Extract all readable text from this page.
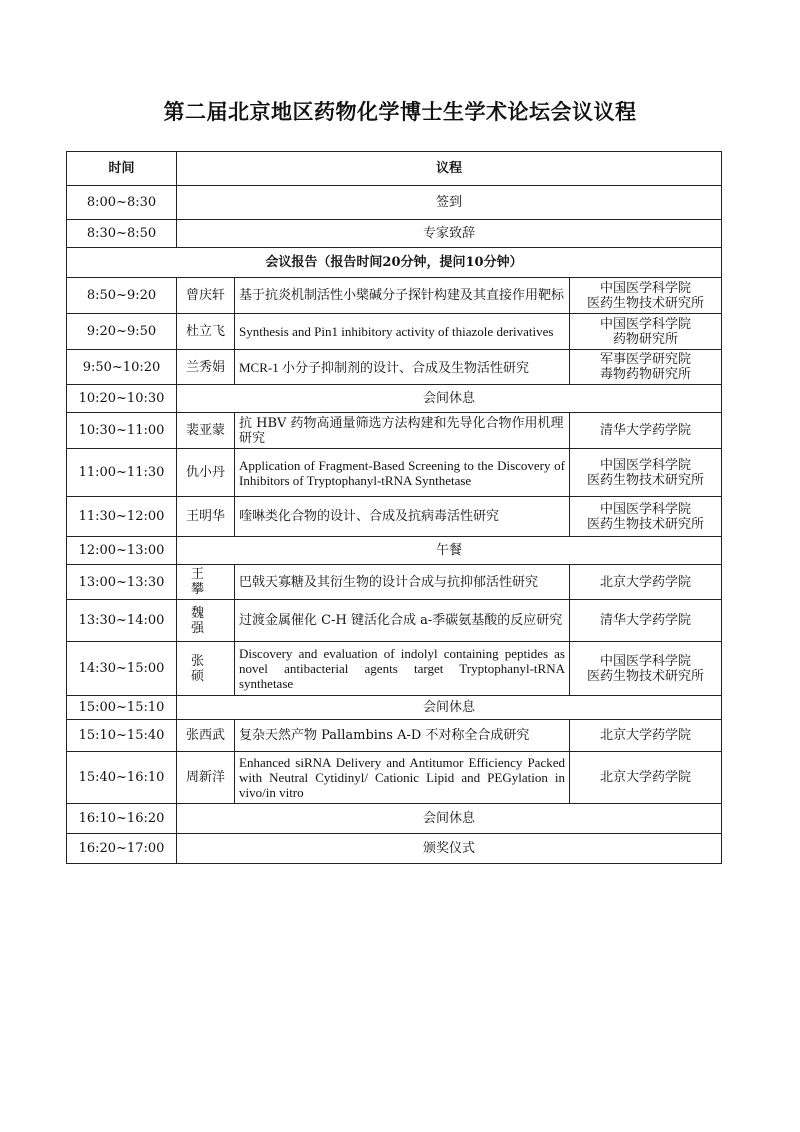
第二届北京地区药物化学博士生学术论坛会议议程
时间	议程		
8:00~8:30	签到		
8:30~8:50	专家致辞		
会议报告（报告时间20分钟，提问10分钟）			
8:50~9:20	曾庆轩	基于抗炎机制活性小檗碱分子探针构建及其直接作用靶标	中国医学科学院
医药生物技术研究所

9:20~9:50	杜立飞	Synthesis and Pin1 inhibitory activity of thiazole derivatives	中国医学科学院
药物研究所

9:50~10:20	兰秀娟	MCR-1 小分子抑制剂的设计、合成及生物活性研究	军事医学研究院
毒物药物研究所

10:20~10:30	会间休息		
10:30~11:00	裴亚蒙	抗 HBV 药物高通量筛选方法构建和先导化合物作用机理研究	清华大学药学院

11:00~11:30	仇小丹	Application of Fragment-Based Screening to the Discovery of Inhibitors of Tryptophanyl-tRNA Synthetase	中国医学科学院
医药生物技术研究所

11:30~12:00	王明华	喹啉类化合物的设计、合成及抗病毒活性研究	中国医学科学院
医药生物技术研究所

12:00~13:00	午餐		
13:00~13:30	王 攀	巴戟天寡糖及其衍生物的设计合成与抗抑郁活性研究	北京大学药学院

13:30~14:00	魏 强	过渡金属催化 C-H 键活化合成 a-季碳氨基酸的反应研究	清华大学药学院

14:30~15:00	张 硕	Discovery and evaluation of indolyl containing peptides as novel antibacterial agents target Tryptophanyl-tRNA synthetase	中国医学科学院
医药生物技术研究所

15:00~15:10	会间休息		
15:10~15:40	张西武	复杂天然产物 Pallambins A-D 不对称全合成研究	北京大学药学院

15:40~16:10	周新洋	Enhanced siRNA Delivery and Antitumor Efficiency Packed with Neutral Cytidinyl/ Cationic Lipid and PEGylation in vivo/in vitro	北京大学药学院

16:10~16:20	会间休息		
16:20~17:00	颁奖仪式		
